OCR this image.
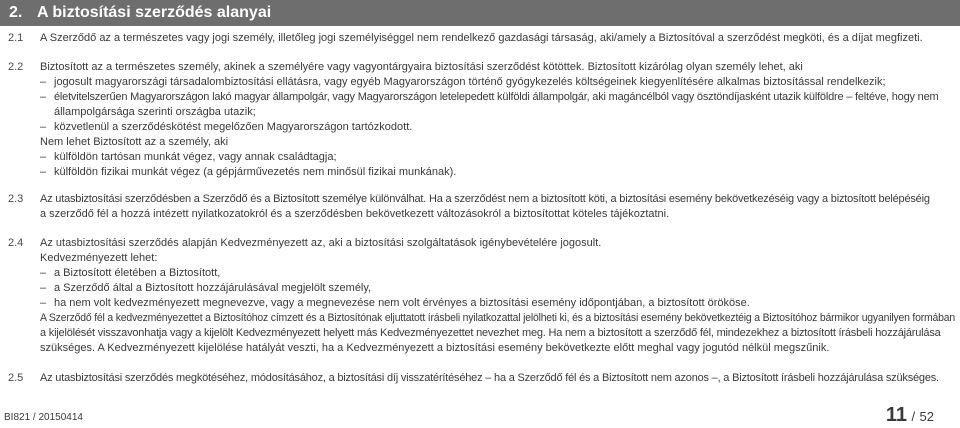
2. A biztosítási szerződés alanyai
2.1 A Szerződő az a természetes vagy jogi személy, illetőleg jogi személyiséggel nem rendelkező gazdasági társaság, aki/amely a Biztosítóval a szerződést megköti, és a díjat megfizeti.
2.2 Biztosított az a természetes személy, akinek a személyére vagy vagyontárgyaira biztosítási szerződést kötöttek. Biztosított kizárólag olyan személy lehet, aki
– jogosult magyarországi társadalombiztosítási ellátásra, vagy egyéb Magyarországon történő gyógykezelés költségeinek kiegyenlítésére alkalmas biztosítással rendelkezik;
– életvitelszerűen Magyarországon lakó magyar állampolgár, vagy Magyarországon letelepedett külföldi állampolgár, aki magáncélból vagy ösztöndíjasként utazik külföldre – feltéve, hogy nem
állampolgársága szerinti országba utazik;
– közvetlenül a szerződéskötést megelőzően Magyarországon tartózkodott.
Nem lehet Biztosított az a személy, aki
– külföldön tartósan munkát végez, vagy annak családtagja;
– külföldön fizikai munkát végez (a gépjárművezetés nem minősül fizikai munkának).
2.3 Az utasbiztosítási szerződésben a Szerződő és a Biztosított személye különválhat. Ha a szerződést nem a biztosított köti, a biztosítási esemény bekövetkezéséig vagy a biztosított belépéséig
a szerződő fél a hozzá intézett nyilatkozatokról és a szerződésben bekövetkezett változásokról a biztosítottat köteles tájékoztatni.
2.4 Az utasbiztosítási szerződés alapján Kedvezményezett az, aki a biztosítási szolgáltatások igénybevételére jogosult.
Kedvezményezett lehet:
– a Biztosított életében a Biztosított,
– a Szerződő által a Biztosított hozzájárulásával megjelölt személy,
– ha nem volt kedvezményezett megnevezve, vagy a megnevezése nem volt érvényes a biztosítási esemény időpontjában, a biztosított örököse.
A Szerződő fél a kedvezményezettet a Biztosítóhoz címzett és a Biztosítónak eljuttatott írásbeli nyilatkozattal jelölheti ki, és a biztosítási esemény bekövetkeztéig a Biztosítóhoz bármikor ugyanilyen formában
a kijelölését visszavonhatja vagy a kijelölt Kedvezményezett helyett más Kedvezményezettet nevezhet meg. Ha nem a biztosított a szerződő fél, mindezekhez a biztosított írásbeli hozzájárulása
szükséges. A Kedvezményezett kijelölése hatályát veszti, ha a Kedvezményezett a biztosítási esemény bekövetkezte előtt meghal vagy jogutód nélkül megszűnik.
2.5 Az utasbiztosítási szerződés megkötéséhez, módosításához, a biztosítási díj visszatérítéséhez – ha a Szerződő fél és a Biztosított nem azonos –, a Biztosított írásbeli hozzájárulása szükséges.
BI821 / 20150414	11 / 52
